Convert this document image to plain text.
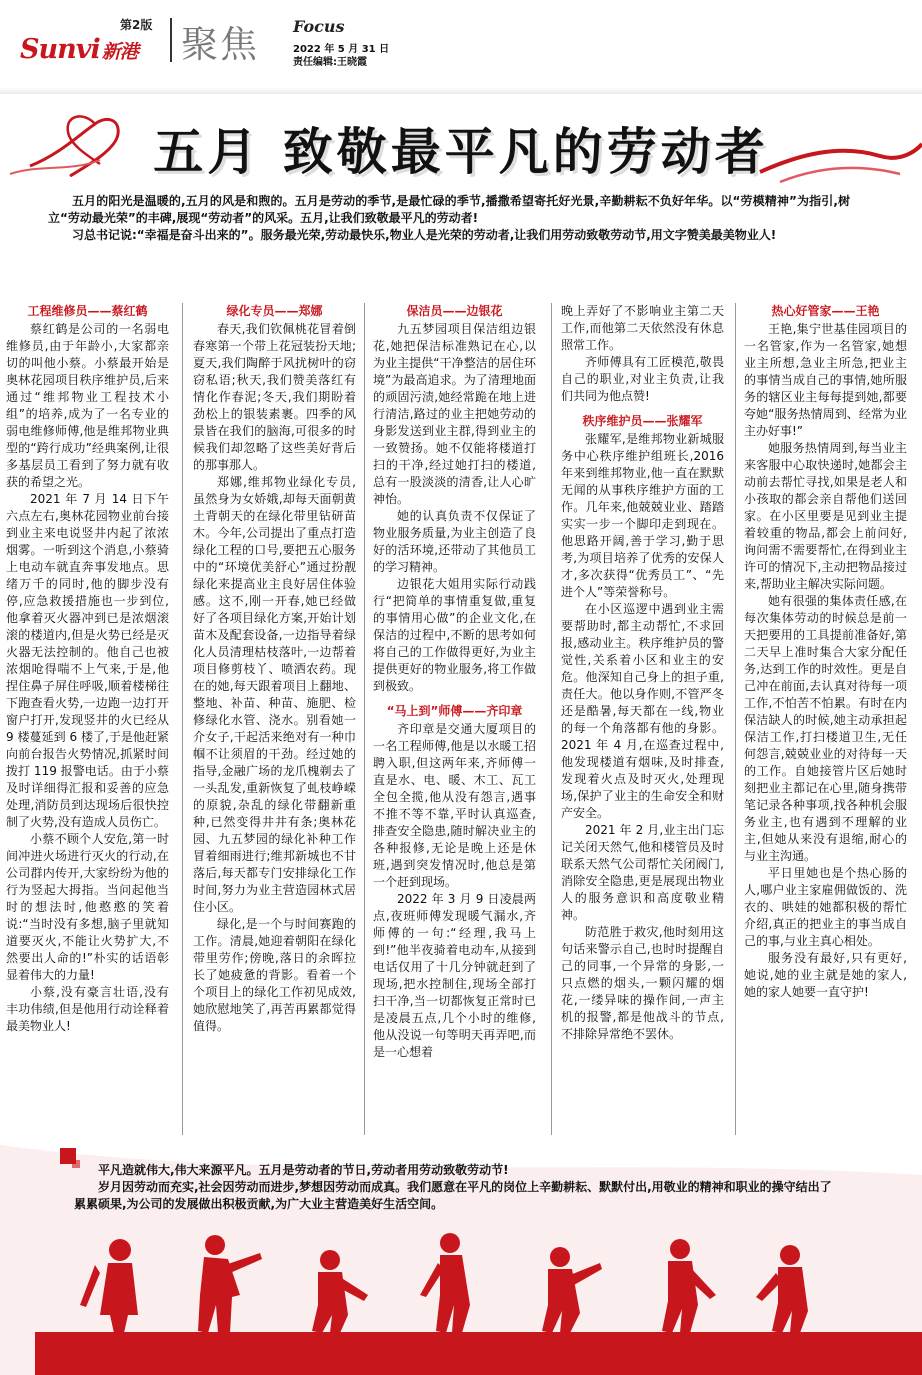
Sunvi 新港
第2版 聚焦 Focus
2022 年 5 月 31 日
责任编辑:王晓霞
五月 致敬最平凡的劳动者

五月的阳光是温暖的,五月的风是和煦的。五月是劳动的季节,是最忙碌的季节,播撒希望寄托好光景,辛勤耕耘不负好年华。以“劳模精神”为指引,树立“劳动最光荣”的丰碑,展现“劳动者”的风采。五月,让我们致敬最平凡的劳动者!

习总书记说:“幸福是奋斗出来的”。服务最光荣,劳动最快乐,物业人是光荣的劳动者,让我们用劳动致敬劳动节,用文字赞美最美物业人!

工程维修员——蔡红鹤

蔡红鹤是公司的一名弱电维修员,由于年龄小,大家都亲切的叫他小蔡。小蔡最开始是奥林花园项目秩序维护员,后来通过“维邦物业工程技术小组”的培养,成为了一名专业的弱电维修师傅,他是维邦物业典型的“跨行成功”经典案例,让很多基层员工看到了努力就有收获的希望之光。

2021 年 7 月 14 日下午六点左右,奥林花园物业前台接到业主来电说竖井内起了浓浓烟雾。一听到这个消息,小蔡骑上电动车就直奔事发地点。思绪万千的同时,他的脚步没有停,应急救援措施也一步到位,他拿着灭火器冲到已是浓烟滚滚的楼道内,但是火势已经是灭火器无法控制的。他自己也被浓烟呛得喘不上气来,于是,他捏住鼻子屏住呼吸,顺着楼梯往下跑查看火势,一边跑一边打开窗户打开,发现竖井的火已经从 9 楼蔓延到 6 楼了,于是他赶紧向前台报告火势情况,抓紧时间拨打 119 报警电话。由于小蔡及时详细得汇报和妥善的应急处理,消防员到达现场后很快控制了火势,没有造成人员伤亡。

小蔡不顾个人安危,第一时间冲进火场进行灭火的行动,在公司群内传开,大家纷纷为他的行为竖起大拇指。当问起他当时的想法时,他憨憨的笑着说:“当时没有多想,脑子里就知道要灭火,不能让火势扩大,不然要出人命的!”朴实的话语彰显着伟大的力量!

小蔡,没有豪言壮语,没有丰功伟绩,但是他用行动诠释着最美物业人!

绿化专员——郑娜

春天,我们钦佩桃花冒着倒春寒第一个带上花冠装扮天地;夏天,我们陶醉于风扰树叶的窃窃私语;秋天,我们赞美落红有情化作春泥;冬天,我们期盼着劲松上的银装素裹。四季的风景皆在我们的脑海,可很多的时候我们却忽略了这些美好背后的那事那人。

郑娜,维邦物业绿化专员,虽然身为女娇娥,却每天面朝黄土背朝天的在绿化带里钻研苗木。今年,公司提出了重点打造绿化工程的口号,要把五心服务中的“环境优美舒心”通过扮靓绿化来提高业主良好居住体验感。这不,刚一开春,她已经做好了各项目绿化方案,开始计划苗木及配套设备,一边指导着绿化人员清理枯枝落叶,一边帮着项目修剪枝丫、喷洒农药。现在的她,每天跟着项目上翻地、整地、补苗、种苗、施肥、检修绿化水管、浇水。别看她一介女子,干起活来绝对有一种巾帼不让须眉的干劲。经过她的指导,金融广场的龙爪槐剃去了一头乱发,重新恢复了虬枝峥嵘的原貌,杂乱的绿化带翻新重种,已然变得井井有条;奥林花园、九五梦园的绿化补种工作冒着细雨进行;维邦新城也不甘落后,每天都专门安排绿化工作时间,努力为业主营造园林式居住小区。

绿化,是一个与时间赛跑的工作。清晨,她迎着朝阳在绿化带里劳作;傍晚,落日的余晖拉长了她疲惫的背影。看着一个个项目上的绿化工作初见成效,她欣慰地笑了,再苦再累都觉得值得。

保洁员——边银花

九五梦园项目保洁组边银花,她把保洁标准熟记在心,以为业主提供“干净整洁的居住环境”为最高追求。为了清理地面的顽固污渍,她经常跪在地上进行清洁,路过的业主把她劳动的身影发送到业主群,得到业主的一致赞扬。她不仅能将楼道打扫的干净,经过她打扫的楼道,总有一股淡淡的清香,让人心旷神怡。

她的认真负责不仅保证了物业服务质量,为业主创造了良好的活环境,还带动了其他员工的学习精神。

边银花大姐用实际行动践行“把简单的事情重复做,重复的事情用心做”的企业文化,在保洁的过程中,不断的思考如何将自己的工作做得更好,为业主提供更好的物业服务,将工作做到极致。

“马上到”师傅——齐印章

齐印章是交通大厦项目的一名工程师傅,他是以水暖工招聘入职,但这两年来,齐师傅一直是水、电、暖、木工、瓦工全包全揽,他从没有怨言,遇事不推不等不靠,平时认真巡查,排查安全隐患,随时解决业主的各种报修,无论是晚上还是休班,遇到突发情况时,他总是第一个赶到现场。

2022 年 3 月 9 日凌晨两点,夜班师傅发现暖气漏水,齐师傅的一句:“经理,我马上到!”他半夜骑着电动车,从接到电话仅用了十几分钟就赶到了现场,把水控制住,现场全部打扫干净,当一切都恢复正常时已是凌晨五点,几个小时的维修,他从没说一句等明天再弄吧,而是一心想着

晚上弄好了不影响业主第二天工作,而他第二天依然没有休息照常工作。

齐师傅具有工匠模范,敬畏自己的职业,对业主负责,让我们共同为他点赞!

秩序维护员——张耀军

张耀军,是维邦物业新城服务中心秩序维护组班长,2016 年来到维邦物业,他一直在默默无闻的从事秩序维护方面的工作。几年来,他兢兢业业、踏踏实实一步一个脚印走到现在。他思路开阔,善于学习,勤于思考,为项目培养了优秀的安保人才,多次获得“优秀员工”、“先进个人”等荣誉称号。

在小区巡逻中遇到业主需要帮助时,都主动帮忙,不求回报,感动业主。秩序维护员的警觉性,关系着小区和业主的安危。他深知自己身上的担子重,责任大。他以身作则,不管严冬还是酷暑,每天都在一线,物业的每一个角落都有他的身影。2021 年 4 月,在巡查过程中,他发现楼道有烟味,及时排查,发现着火点及时灭火,处理现场,保护了业主的生命安全和财产安全。

2021 年 2 月,业主出门忘记关闭天然气,他和楼管员及时联系天然气公司帮忙关闭阀门,消除安全隐患,更是展现出物业人的服务意识和高度敬业精神。

防范胜于救灾,他时刻用这句话来警示自己,也时时提醒自己的同事,一个异常的身影,一只点燃的烟头,一颗闪耀的烟花,一缕异味的操作间,一声主机的报警,都是他战斗的节点,不排除异常绝不罢休。

热心好管家——王艳

王艳,集宁世基佳园项目的一名管家,作为一名管家,她想业主所想,急业主所急,把业主的事情当成自己的事情,她所服务的辖区业主每每提到她,都要夸她“服务热情周到、经常为业主办好事!”

她服务热情周到,每当业主来客服中心取快递时,她都会主动前去帮忙寻找,如果是老人和小孩取的都会亲自帮他们送回家。在小区里要是见到业主提着较重的物品,都会上前问好,询问需不需要帮忙,在得到业主许可的情况下,主动把物品接过来,帮助业主解决实际问题。

她有很强的集体责任感,在每次集体劳动的时候总是前一天把要用的工具提前准备好,第二天早上准时集合大家分配任务,达到工作的时效性。更是自己冲在前面,去认真对待每一项工作,不怕苦不怕累。有时在内保洁缺人的时候,她主动承担起保洁工作,打扫楼道卫生,无任何怨言,兢兢业业的对待每一天的工作。自她接管片区后她时刻把业主都记在心里,随身携带笔记录各种事项,找各种机会服务业主,也有遇到不理解的业主,但她从来没有退缩,耐心的与业主沟通。

平日里她也是个热心肠的人,哪户业主家雇佣做饭的、洗衣的、哄娃的她都积极的帮忙介绍,真正的把业主的事当成自己的事,与业主真心相处。

服务没有最好,只有更好,她说,她的业主就是她的家人,她的家人她要一直守护!

平凡造就伟大,伟大来源平凡。五月是劳动者的节日,劳动者用劳动致敬劳动节!

岁月因劳动而充实,社会因劳动而进步,梦想因劳动而成真。我们愿意在平凡的岗位上辛勤耕耘、默默付出,用敬业的精神和职业的操守结出了累累硕果,为公司的发展做出积极贡献,为广大业主营造美好生活空间。
